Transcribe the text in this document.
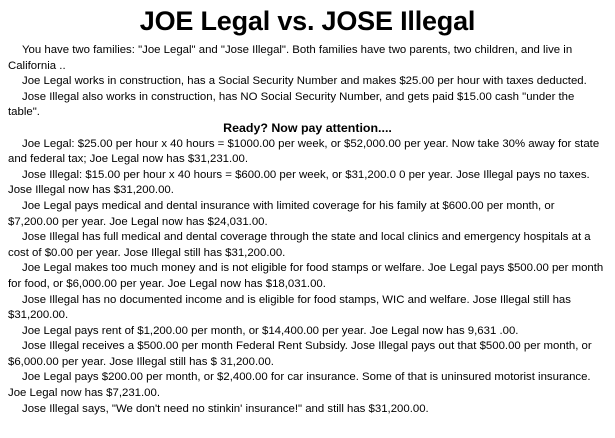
JOE Legal vs. JOSE Illegal

You have two families: "Joe Legal" and "Jose Illegal". Both families have two parents, two children, and live in California ..

Joe Legal works in construction, has a Social Security Number and makes $25.00 per hour with taxes deducted.

Jose Illegal also works in construction, has NO Social Security Number, and gets paid $15.00 cash "under the table".

Ready? Now pay attention....

Joe Legal: $25.00 per hour x 40 hours = $1000.00 per week, or $52,000.00 per year. Now take 30% away for state and federal tax; Joe Legal now has $31,231.00.

Jose Illegal: $15.00 per hour x 40 hours = $600.00 per week, or $31,200.0 0 per year. Jose Illegal pays no taxes. Jose Illegal now has $31,200.00.

Joe Legal pays medical and dental insurance with limited coverage for his family at $600.00 per month, or $7,200.00 per year. Joe Legal now has $24,031.00.

Jose Illegal has full medical and dental coverage through the state and local clinics and emergency hospitals at a cost of $0.00 per year. Jose Illegal still has $31,200.00.

Joe Legal makes too much money and is not eligible for food stamps or welfare. Joe Legal pays $500.00 per month for food, or $6,000.00 per year. Joe Legal now has $18,031.00.

Jose Illegal has no documented income and is eligible for food stamps, WIC and welfare. Jose Illegal still has $31,200.00.

Joe Legal pays rent of $1,200.00 per month, or $14,400.00 per year. Joe Legal now has 9,631 .00.

Jose Illegal receives a $500.00 per month Federal Rent Subsidy. Jose Illegal pays out that $500.00 per month, or $6,000.00 per year. Jose Illegal still has $ 31,200.00.

Joe Legal pays $200.00 per month, or $2,400.00 for car insurance. Some of that is uninsured motorist insurance. Joe Legal now has $7,231.00.

Jose Illegal says, "We don't need no stinkin' insurance!" and still has $31,200.00.
